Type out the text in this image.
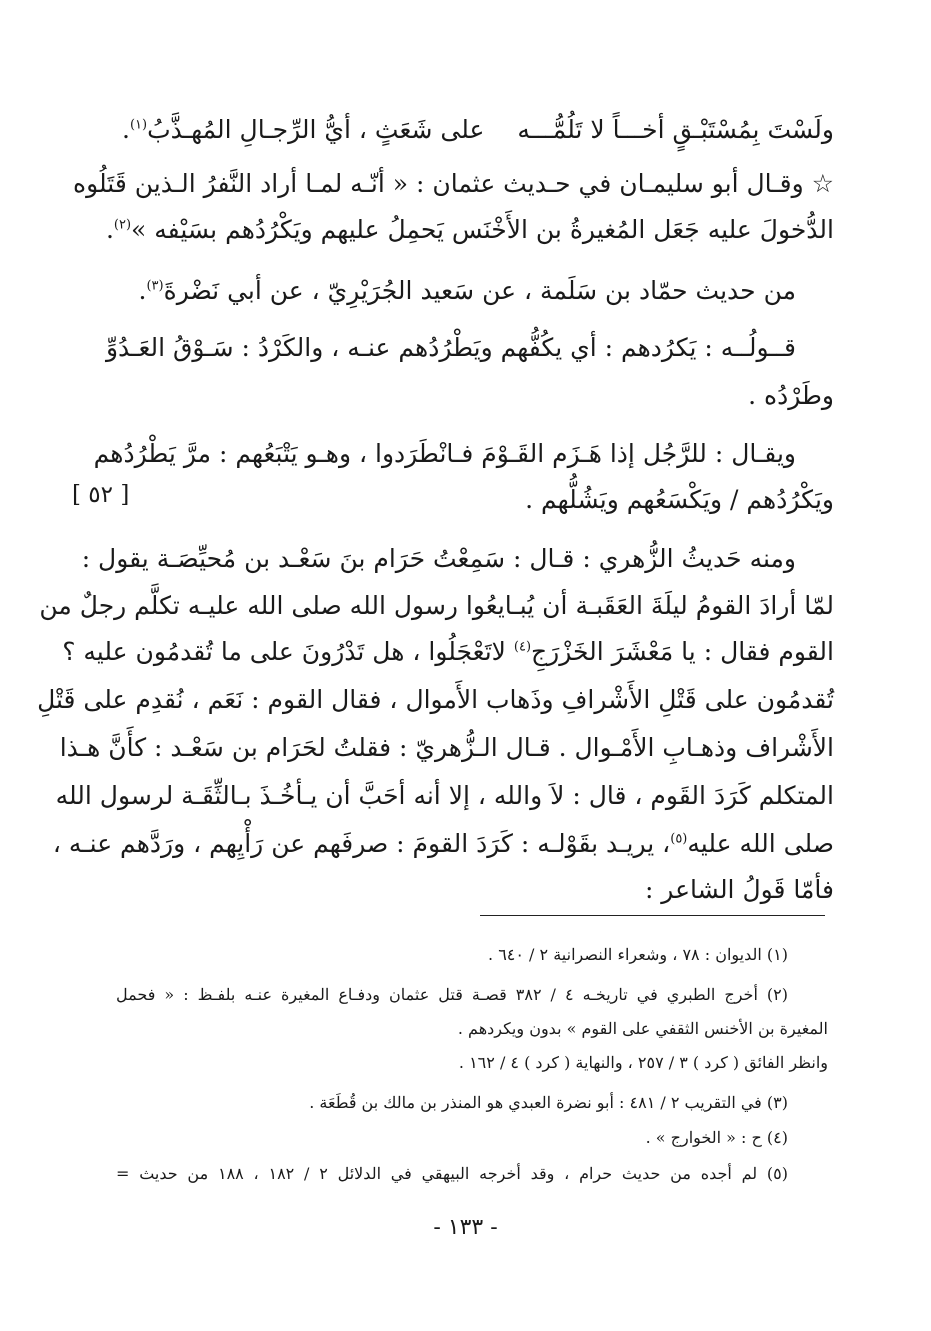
ولَسْتَ بِمُسْتَبْـقٍ أخـــاً لا تَلُمُّـــه
على شَعَثٍ ، أيُّ الرِّجـالِ المُهـذَّبُ$^{(١)}$.
☆ وقـال أبو سليمـان في حـديث عثمان : « أنّـه لمـا أراد النَّفرُ الـذين قَتَلُوه
الدُّخولَ عليه جَعَل المُغيرةُ بن الأَخْنَس يَحمِلُ عليهم ويَكْرُدُهم بسَيْفه »$^{(٢)}$.
من حديث حمّاد بن سَلَمة ، عن سَعيد الجُرَيْرِيّ ، عن أبي نَضْرةَ$^{(٣)}$.
قــولُــه : يَكرُدهم : أي يكُفُّهم ويَطْرُدُهم عنـه ، والكَرْدُ : سَـوْقُ العَـدُوِّ
وطَرْدُه .
ويقـال : للرَّجُل إذا هَـزَم القَـوْمَ فـانْطَرَدوا ، وهـو يَتْبَعُهم : مرَّ يَطْرُدُهم
ويَكْرُدُهم / ويَكْسَعُهم ويَشُلُّهم .
ومنه حَديثُ الزُّهري : قـال : سَمِعْتُ حَرَام بنَ سَعْـد بن مُحيِّصَـة يقول :
لمّا أرادَ القومُ ليلَةَ العَقَبـة أن يُبـايعُوا رسول الله صلى الله عليـه تكلَّم رجلٌ من
القوم فقال : يا مَعْشَرَ الخَزْرَجِ$^{(٤)}$ لاتَعْجَلُوا ، هل تَدْرُونَ على ما تُقدمُون عليه ؟
تُقدمُون على قَتْلِ الأَشْرافِ وذَهاب الأَموال ، فقال القوم : نَعَم ، نُقدِم على قَتْلِ
الأَشْراف وذهـابِ الأَمْـوال . قـال الـزُّهريّ : فقلتُ لحَرَام بن سَعْـد : كأَنَّ هـذا
المتكلم كَرَدَ القَوم ، قال : لاَ والله ، إلا أنه أحَبَّ أن يـأخُـذَ بـالثِّقَـة لرسول الله
صلى الله عليه$^{(٥)}$، يريـد بقَوْلـه : كَرَدَ القومَ : صرفَهم عن رَأْيِهم ، ورَدَّهم عنـه ،
فأمّا قَولُ الشاعر :
[ ٥٢ ]
(١) الديوان : ٧٨ ، وشعراء النصرانية ٢ / ٦٤٠ .
(٢) أخرج الطبري في تاريخـه ٤ / ٣٨٢ قصـة قتل عثمان ودفـاع المغيرة عنـه بلفـظ : « فحمل
المغيرة بن الأخنس الثقفي على القوم » بدون ويكردهم .
وانظر الفائق ( كرد ) ٣ / ٢٥٧ ، والنهاية ( كرد ) ٤ / ١٦٢ .
(٣) في التقريب ٢ / ٤٨١ : أبو نضرة العبدي هو المنذر بن مالك بن قُطَعَة .
(٤) ح : « الخوارج » .
(٥) لم أجده من حديث حرام ، وقد أخرجه البيهقي في الدلائل ٢ / ١٨٢ ، ١٨٨ من حديث =
- ١٣٣ -
